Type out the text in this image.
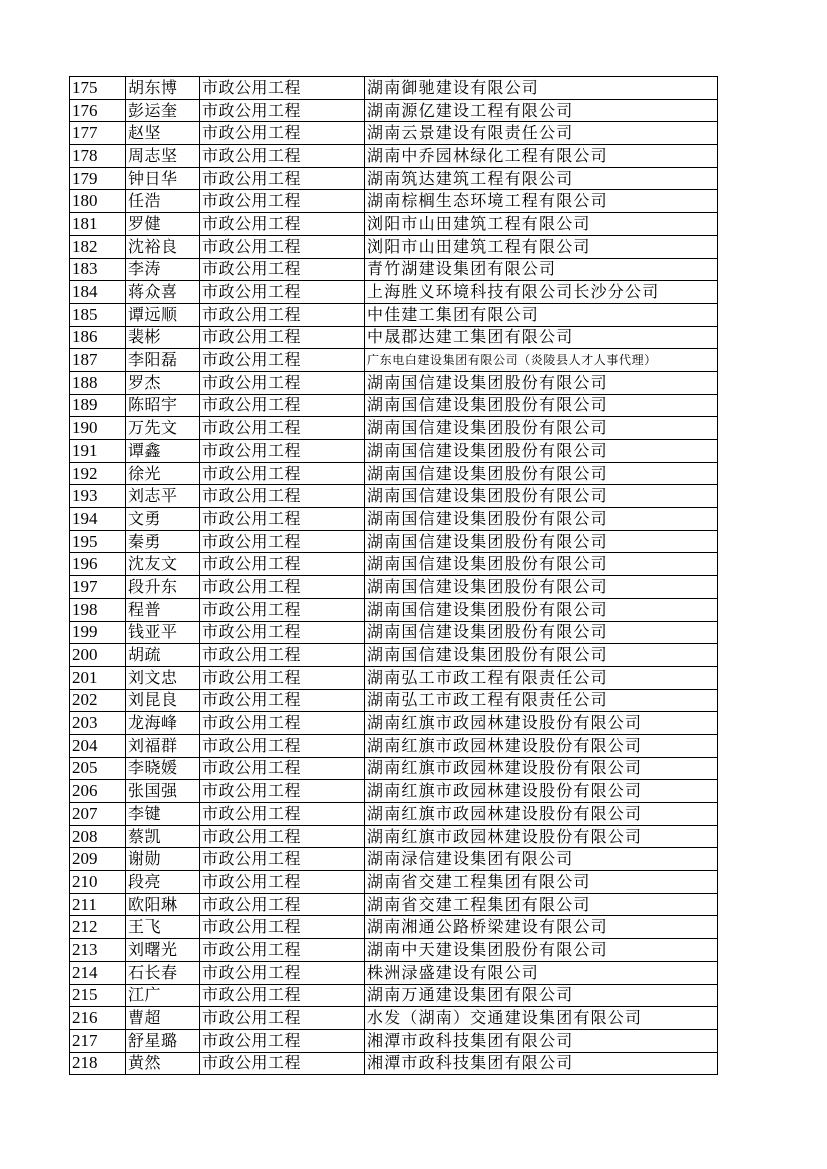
175	胡东博	市政公用工程	湖南御驰建设有限公司
176	彭运奎	市政公用工程	湖南源亿建设工程有限公司
177	赵坚	市政公用工程	湖南云景建设有限责任公司
178	周志坚	市政公用工程	湖南中乔园林绿化工程有限公司
179	钟日华	市政公用工程	湖南筑达建筑工程有限公司
180	任浩	市政公用工程	湖南棕榈生态环境工程有限公司
181	罗健	市政公用工程	浏阳市山田建筑工程有限公司
182	沈裕良	市政公用工程	浏阳市山田建筑工程有限公司
183	李涛	市政公用工程	青竹湖建设集团有限公司
184	蒋众喜	市政公用工程	上海胜义环境科技有限公司长沙分公司
185	谭远顺	市政公用工程	中佳建工集团有限公司
186	裴彬	市政公用工程	中晟郡达建工集团有限公司
187	李阳磊	市政公用工程	广东电白建设集团有限公司（炎陵县人才人事代理）
188	罗杰	市政公用工程	湖南国信建设集团股份有限公司
189	陈昭宇	市政公用工程	湖南国信建设集团股份有限公司
190	万先文	市政公用工程	湖南国信建设集团股份有限公司
191	谭鑫	市政公用工程	湖南国信建设集团股份有限公司
192	徐光	市政公用工程	湖南国信建设集团股份有限公司
193	刘志平	市政公用工程	湖南国信建设集团股份有限公司
194	文勇	市政公用工程	湖南国信建设集团股份有限公司
195	秦勇	市政公用工程	湖南国信建设集团股份有限公司
196	沈友文	市政公用工程	湖南国信建设集团股份有限公司
197	段升东	市政公用工程	湖南国信建设集团股份有限公司
198	程普	市政公用工程	湖南国信建设集团股份有限公司
199	钱亚平	市政公用工程	湖南国信建设集团股份有限公司
200	胡疏	市政公用工程	湖南国信建设集团股份有限公司
201	刘文忠	市政公用工程	湖南弘工市政工程有限责任公司
202	刘昆良	市政公用工程	湖南弘工市政工程有限责任公司
203	龙海峰	市政公用工程	湖南红旗市政园林建设股份有限公司
204	刘福群	市政公用工程	湖南红旗市政园林建设股份有限公司
205	李晓媛	市政公用工程	湖南红旗市政园林建设股份有限公司
206	张国强	市政公用工程	湖南红旗市政园林建设股份有限公司
207	李键	市政公用工程	湖南红旗市政园林建设股份有限公司
208	蔡凯	市政公用工程	湖南红旗市政园林建设股份有限公司
209	谢勋	市政公用工程	湖南渌信建设集团有限公司
210	段亮	市政公用工程	湖南省交建工程集团有限公司
211	欧阳琳	市政公用工程	湖南省交建工程集团有限公司
212	王飞	市政公用工程	湖南湘通公路桥梁建设有限公司
213	刘曙光	市政公用工程	湖南中天建设集团股份有限公司
214	石长春	市政公用工程	株洲渌盛建设有限公司
215	江广	市政公用工程	湖南万通建设集团有限公司
216	曹超	市政公用工程	水发（湖南）交通建设集团有限公司
217	舒星璐	市政公用工程	湘潭市政科技集团有限公司
218	黄然	市政公用工程	湘潭市政科技集团有限公司
